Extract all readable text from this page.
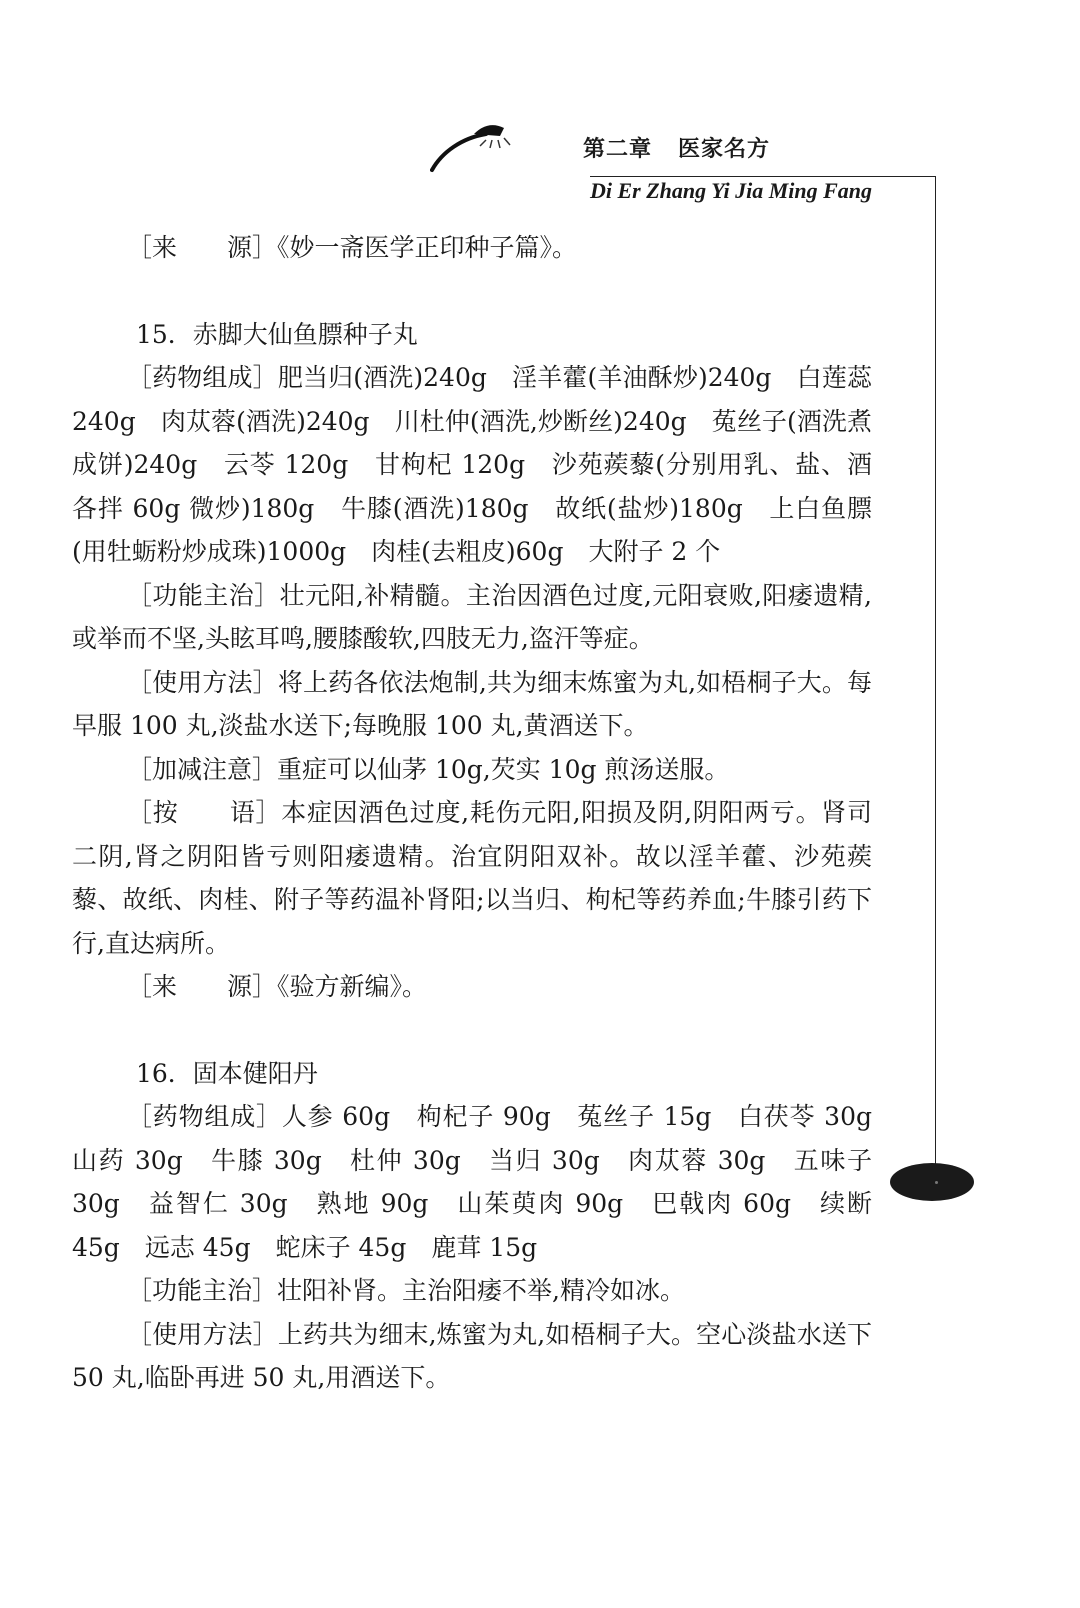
第二章 医家名方
Di Er Zhang Yi Jia Ming Fang

［来　　源］《妙一斋医学正印种子篇》。

15．赤脚大仙鱼膘种子丸

［药物组成］肥当归(酒洗)240g　淫羊藿(羊油酥炒)240g　白莲蕊 240g　肉苁蓉(酒洗)240g　川杜仲(酒洗,炒断丝)240g　菟丝子(酒洗煮成饼)240g　云苓 120g　甘枸杞 120g　沙苑蒺藜(分别用乳、盐、酒各拌 60g 微炒)180g　牛膝(酒洗)180g　故纸(盐炒)180g　上白鱼膘(用牡蛎粉炒成珠)1000g　肉桂(去粗皮)60g　大附子 2 个

［功能主治］壮元阳,补精髓。主治因酒色过度,元阳衰败,阳痿遗精,或举而不坚,头眩耳鸣,腰膝酸软,四肢无力,盗汗等症。

［使用方法］将上药各依法炮制,共为细末炼蜜为丸,如梧桐子大。每早服 100 丸,淡盐水送下;每晚服 100 丸,黄酒送下。

［加减注意］重症可以仙茅 10g,芡实 10g 煎汤送服。

［按　　语］本症因酒色过度,耗伤元阳,阳损及阴,阴阳两亏。肾司二阴,肾之阴阳皆亏则阳痿遗精。治宜阴阳双补。故以淫羊藿、沙苑蒺藜、故纸、肉桂、附子等药温补肾阳;以当归、枸杞等药养血;牛膝引药下行,直达病所。

［来　　源］《验方新编》。

16．固本健阳丹

［药物组成］人参 60g　枸杞子 90g　菟丝子 15g　白茯苓 30g　山药 30g　牛膝 30g　杜仲 30g　当归 30g　肉苁蓉 30g　五味子 30g　益智仁 30g　熟地 90g　山茱萸肉 90g　巴戟肉 60g　续断 45g　远志 45g　蛇床子 45g　鹿茸 15g

［功能主治］壮阳补肾。主治阳痿不举,精冷如冰。

［使用方法］上药共为细末,炼蜜为丸,如梧桐子大。空心淡盐水送下 50 丸,临卧再进 50 丸,用酒送下。
